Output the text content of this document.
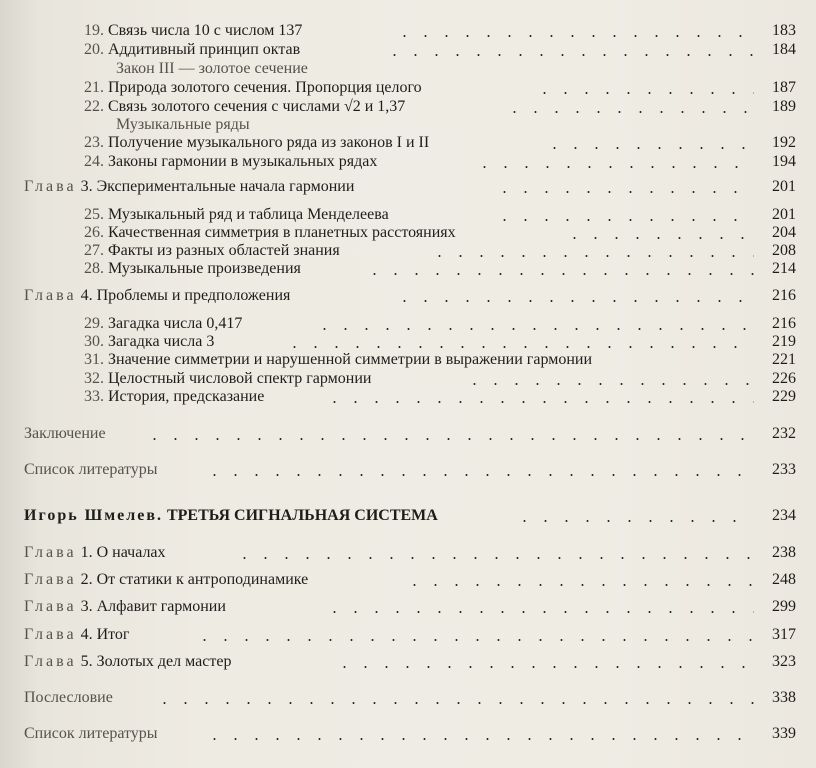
19. Связь числа 10 с числом 137	183
20. Аддитивный принцип октав	184
Закон III — золотое сечение
21. Природа золотого сечения. Пропорция целого	187
22. Связь золотого сечения с числами √2 и 1,37	189
Музыкальные ряды
23. Получение музыкального ряда из законов I и II	192
24. Законы гармонии в музыкальных рядах	194
Глава 3. Экспериментальные начала гармонии	201
25. Музыкальный ряд и таблица Менделеева	201
26. Качественная симметрия в планетных расстояниях	204
27. Факты из разных областей знания	208
28. Музыкальные произведения	214
Глава 4. Проблемы и предположения	216
29. Загадка числа 0,417	216
30. Загадка числа 3	219
31. Значение симметрии и нарушенной симметрии в выражении гармонии	221
32. Целостный числовой спектр гармонии	226
33. История, предсказание	229
Заключение	232
Список литературы	233
Игорь Шмелев. ТРЕТЬЯ СИГНАЛЬНАЯ СИСТЕМА	234
Глава 1. О началах	238
Глава 2. От статики к антроподинамике	248
Глава 3. Алфавит гармонии	299
Глава 4. Итог	317
Глава 5. Золотых дел мастер	323
Послесловие	338
Список литературы	339
